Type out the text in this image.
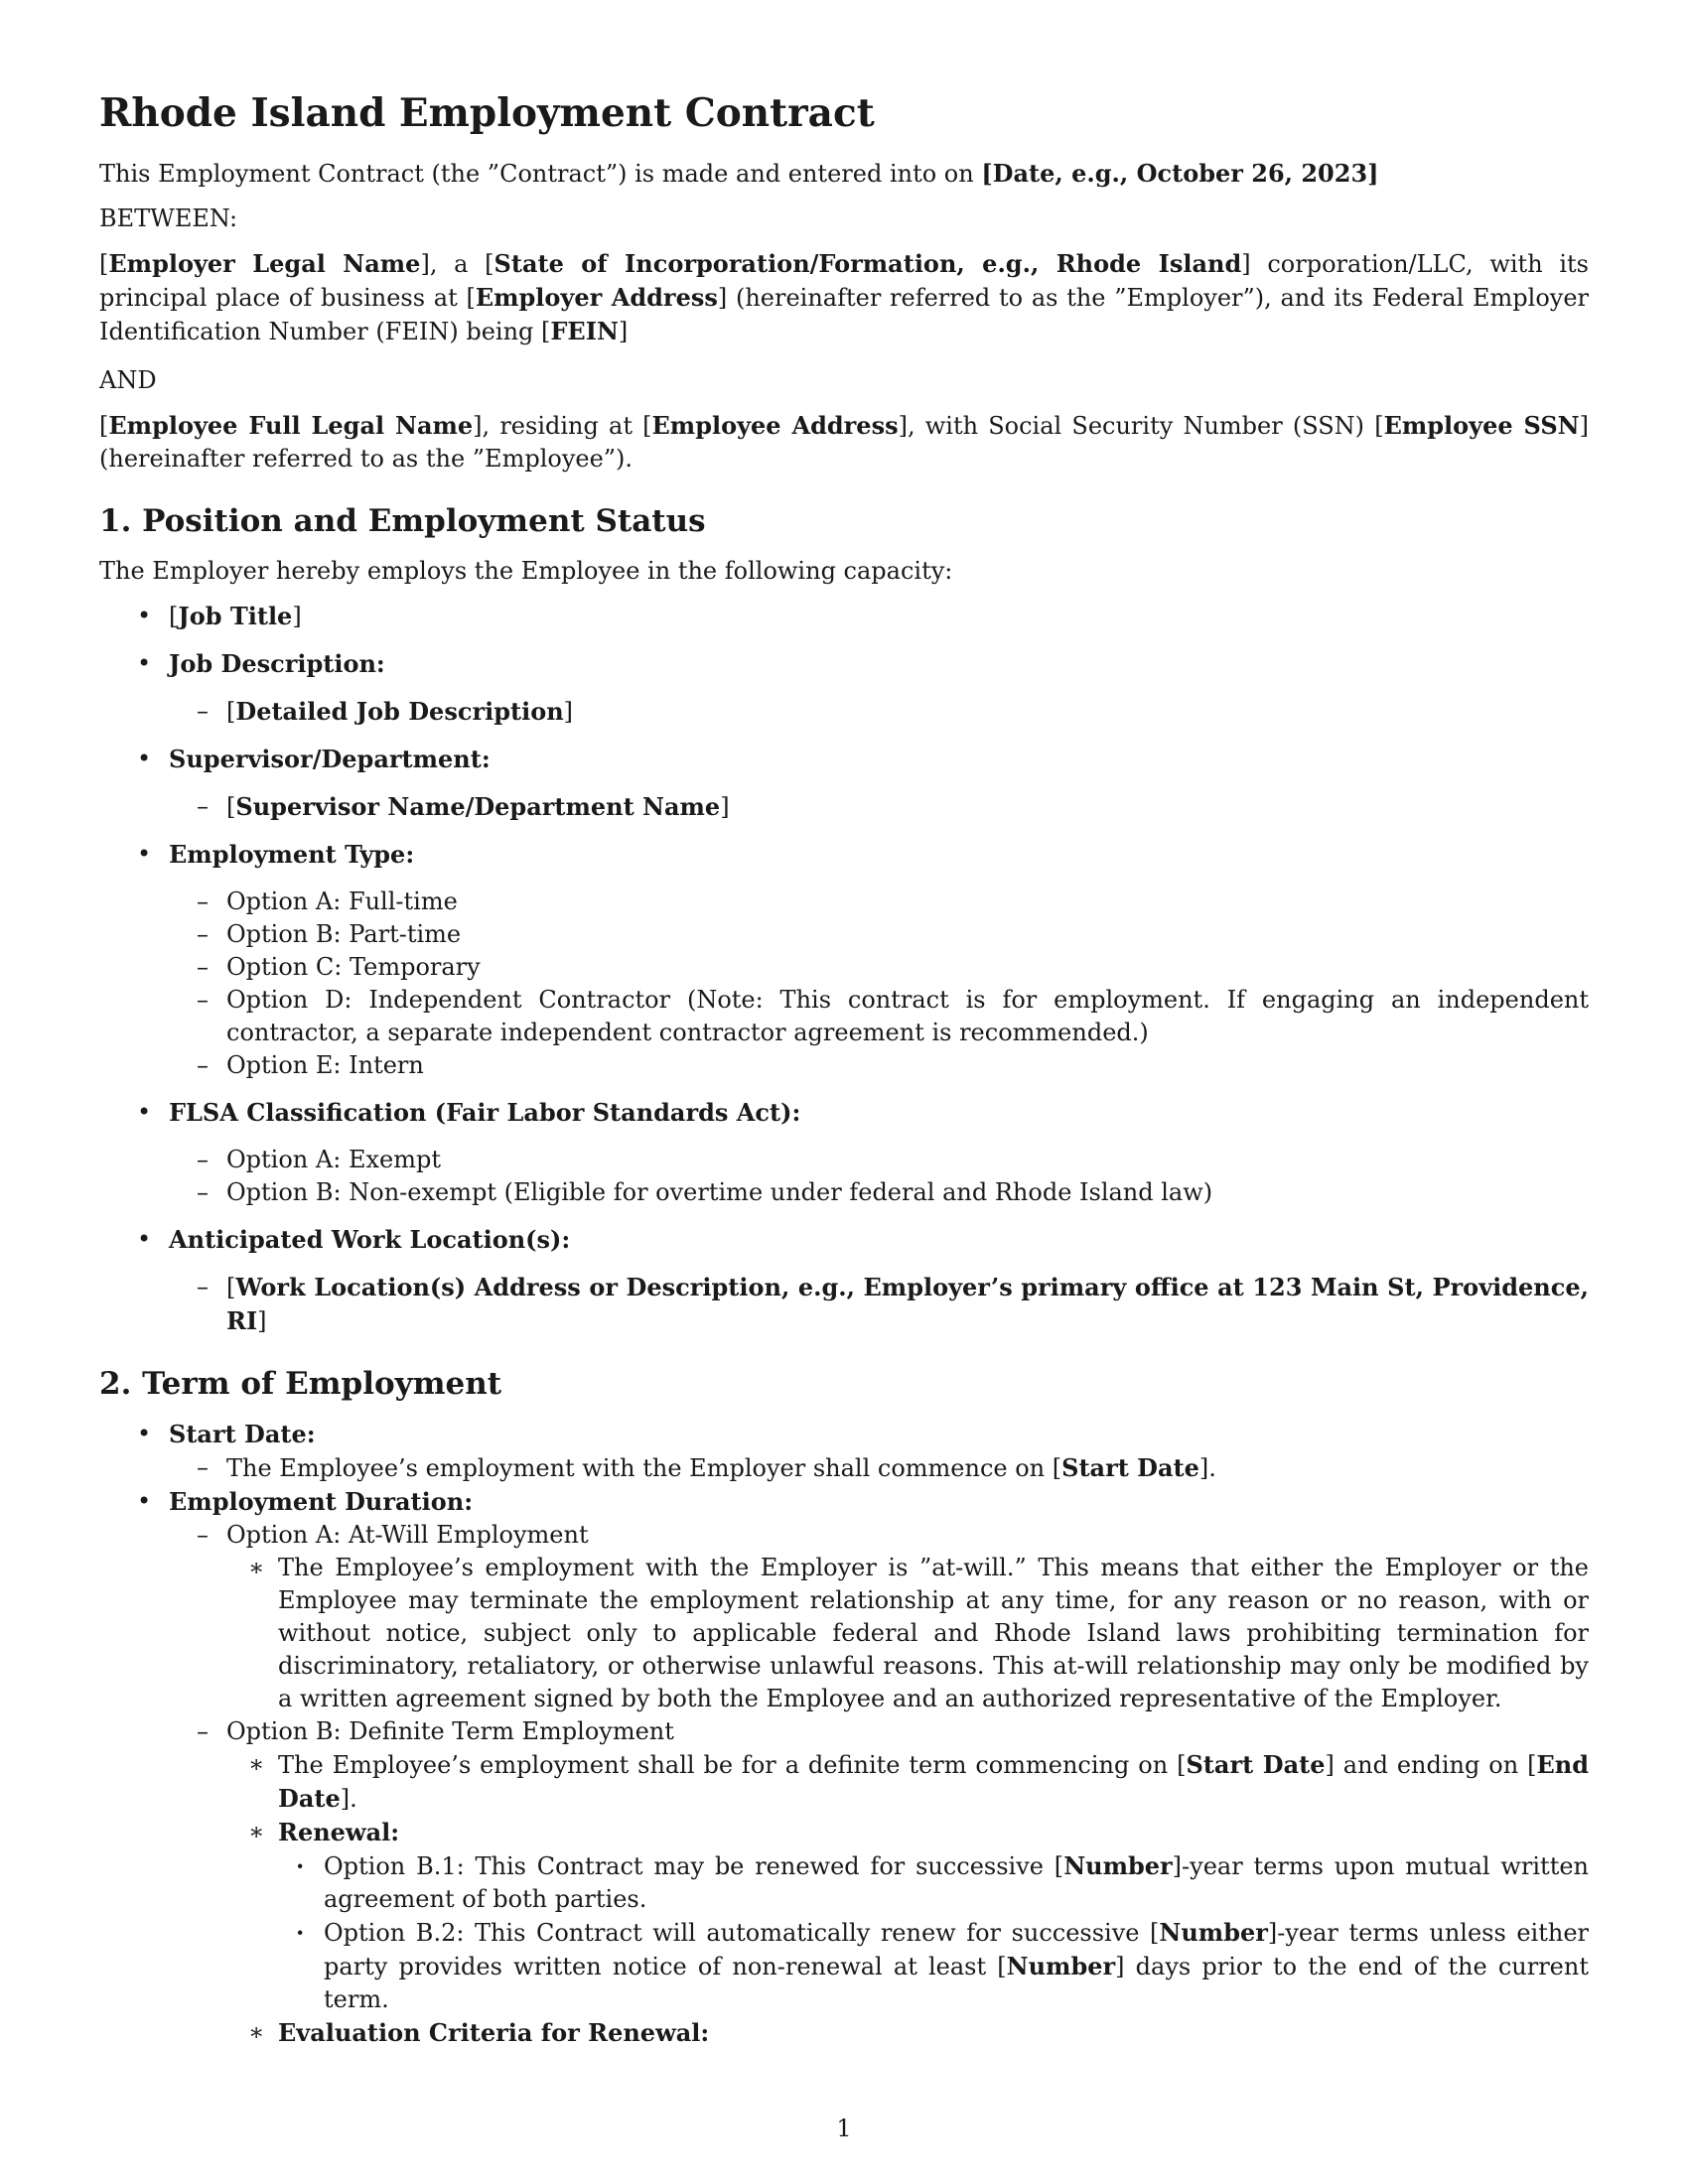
Rhode Island Employment Contract

This Employment Contract (the ”Contract”) is made and entered into on [Date, e.g., October 26, 2023]

BETWEEN:

[Employer Legal Name], a [State of Incorporation/Formation, e.g., Rhode Island] corporation/LLC, with its principal place of business at [Employer Address] (hereinafter referred to as the ”Employer”), and its Federal Employer Identification Number (FEIN) being [FEIN]

AND

[Employee Full Legal Name], residing at [Employee Address], with Social Security Number (SSN) [Employee SSN] (hereinafter referred to as the ”Employee”).

1. Position and Employment Status

The Employer hereby employs the Employee in the following capacity:

• [Job Title]
• Job Description:
– [Detailed Job Description]
• Supervisor/Department:
– [Supervisor Name/Department Name]
• Employment Type:
– Option A: Full-time
– Option B: Part-time
– Option C: Temporary
– Option D: Independent Contractor (Note: This contract is for employment. If engaging an independent contractor, a separate independent contractor agreement is recommended.)
– Option E: Intern
• FLSA Classification (Fair Labor Standards Act):
– Option A: Exempt
– Option B: Non-exempt (Eligible for overtime under federal and Rhode Island law)
• Anticipated Work Location(s):
– [Work Location(s) Address or Description, e.g., Employer’s primary office at 123 Main St, Providence, RI]
2. Term of Employment
• Start Date:
– The Employee’s employment with the Employer shall commence on [Start Date].
• Employment Duration:
– Option A: At-Will Employment
∗ The Employee’s employment with the Employer is ”at-will.” This means that either the Employer or the Employee may terminate the employment relationship at any time, for any reason or no reason, with or without notice, subject only to applicable federal and Rhode Island laws prohibiting termination for discriminatory, retaliatory, or otherwise unlawful reasons. This at-will relationship may only be modified by a written agreement signed by both the Employee and an authorized representative of the Employer.
– Option B: Definite Term Employment
∗ The Employee’s employment shall be for a definite term commencing on [Start Date] and ending on [End Date].
∗ Renewal:
· Option B.1: This Contract may be renewed for successive [Number]-year terms upon mutual written agreement of both parties.
· Option B.2: This Contract will automatically renew for successive [Number]-year terms unless either party provides written notice of non-renewal at least [Number] days prior to the end of the current term.
∗ Evaluation Criteria for Renewal:
1
